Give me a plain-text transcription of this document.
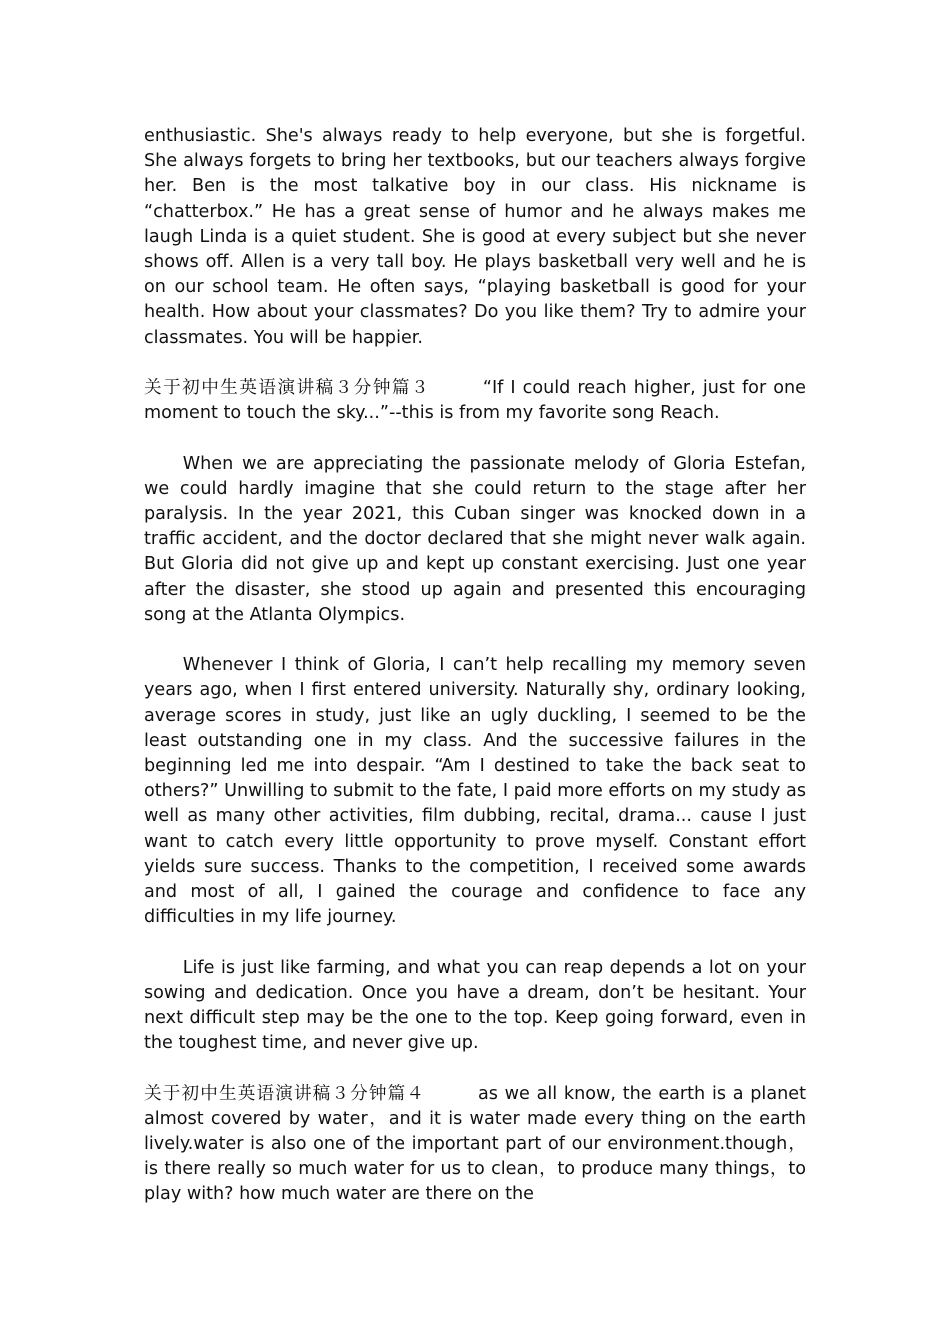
enthusiastic. She's always ready to help everyone, but she is forgetful. She always forgets to bring her textbooks, but our teachers always forgive her. Ben is the most talkative boy in our class. His nickname is “chatterbox.” He has a great sense of humor and he always makes me laugh Linda is a quiet student. She is good at every subject but she never shows off. Allen is a very tall boy. He plays basketball very well and he is on our school team. He often says, “playing basketball is good for your health. How about your classmates? Do you like them? Try to admire your classmates. You will be happier.

关于初中生英语演讲稿３分钟篇３	“If I could reach higher, just for one moment to touch the sky...”--this is from my favorite song Reach.

When we are appreciating the passionate melody of Gloria Estefan, we could hardly imagine that she could return to the stage after her paralysis. In the year 2021, this Cuban singer was knocked down in a traffic accident, and the doctor declared that she might never walk again. But Gloria did not give up and kept up constant exercising. Just one year after the disaster, she stood up again and presented this encouraging song at the Atlanta Olympics.

Whenever I think of Gloria, I can’t help recalling my memory seven years ago, when I first entered university. Naturally shy, ordinary looking, average scores in study, just like an ugly duckling, I seemed to be the least outstanding one in my class. And the successive failures in the beginning led me into despair. “Am I destined to take the back seat to others?” Unwilling to submit to the fate, I paid more efforts on my study as well as many other activities, film dubbing, recital, drama... cause I just want to catch every little opportunity to prove myself. Constant effort yields sure success. Thanks to the competition, I received some awards and most of all, I gained the courage and confidence to face any difficulties in my life journey.

Life is just like farming, and what you can reap depends a lot on your sowing and dedication. Once you have a dream, don’t be hesitant. Your next difficult step may be the one to the top. Keep going forward, even in the toughest time, and never give up.

关于初中生英语演讲稿３分钟篇４	as we all know, the earth is a planet almost covered by water，and it is water made every thing on the earth lively.water is also one of the important part of our environment.though，is there really so much water for us to clean，to produce many things，to play with? how much water are there on the
